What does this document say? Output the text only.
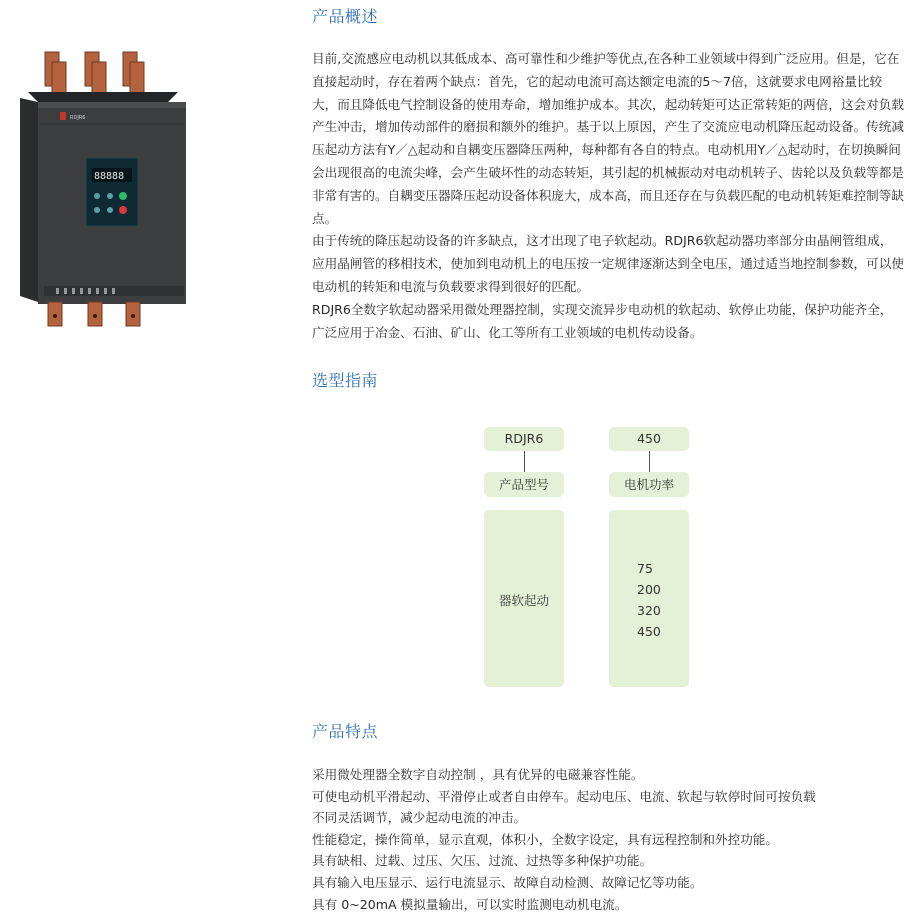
产品概述

目前,交流感应电动机以其低成本、高可靠性和少维护等优点,在各种工业领域中得到广泛应用。但是，它在直接起动时，存在着两个缺点：首先，它的起动电流可高达额定电流的5～7倍，这就要求电网裕量比较大，而且降低电气控制设备的使用寿命，增加维护成本。其次，起动转矩可达正常转矩的两倍，这会对负载产生冲击，增加传动部件的磨损和额外的维护。基于以上原因，产生了交流应电动机降压起动设备。传统减压起动方法有Y／△起动和自耦变压器降压两种，每种都有各自的特点。电动机用Y／△起动时，在切换瞬间会出现很高的电流尖峰，会产生破坏性的动态转矩，其引起的机械振动对电动机转子、齿轮以及负载等都是非常有害的。自耦变压器降压起动设备体积庞大，成本高，而且还存在与负载匹配的电动机转矩难控制等缺点。

由于传统的降压起动设备的许多缺点，这才出现了电子软起动。RDJR6软起动器功率部分由晶闸管组成，应用晶闸管的移相技术，使加到电动机上的电压按一定规律逐渐达到全电压，通过适当地控制参数，可以使电动机的转矩和电流与负载要求得到很好的匹配。

RDJR6全数字软起动器采用微处理器控制，实现交流异步电动机的软起动、软停止功能，保护功能齐全，广泛应用于冶金、石油、矿山、化工等所有工业领域的电机传动设备。

RDJR6
88888
选型指南
RDJR6	450
产品型号	电机功率
器软起动
75
200
320
450
产品特点

采用微处理器全数字自动控制 ，具有优异的电磁兼容性能。

可使电动机平滑起动、平滑停止或者自由停车。起动电压、电流、软起与软停时间可按负载

不同灵活调节，减少起动电流的冲击。

性能稳定，操作简单，显示直观，体积小，全数字设定，具有远程控制和外控功能。

具有缺相、过载、过压、欠压、过流、过热等多种保护功能。

具有输入电压显示、运行电流显示、故障自动检测、故障记忆等功能。

具有 0~20mA 模拟量输出，可以实时监测电动机电流。
